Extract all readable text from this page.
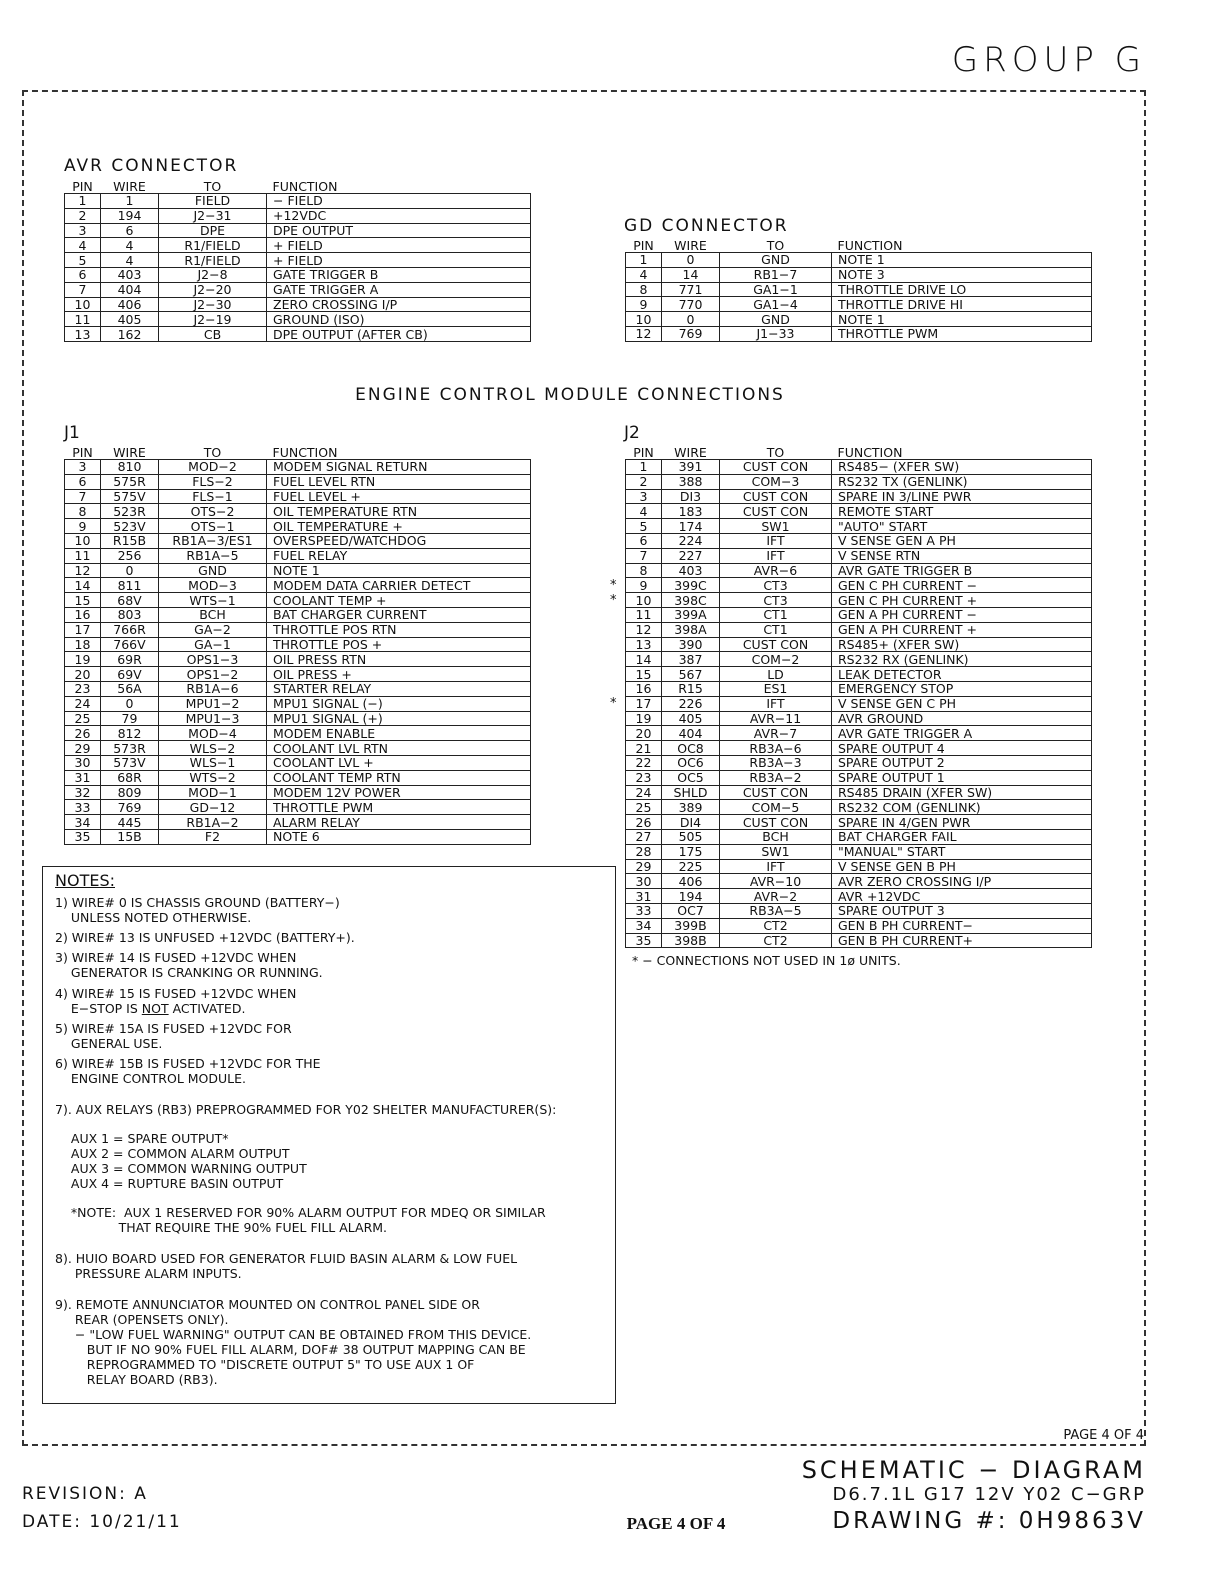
GROUP G
AVR CONNECTOR
PIN	WIRE	TO	FUNCTION
1	1	FIELD	− FIELD
2	194	J2−31	+12VDC
3	6	DPE	DPE OUTPUT
4	4	R1/FIELD	+ FIELD
5	4	R1/FIELD	+ FIELD
6	403	J2−8	GATE TRIGGER B
7	404	J2−20	GATE TRIGGER A
10	406	J2−30	ZERO CROSSING I/P
11	405	J2−19	GROUND (ISO)
13	162	CB	DPE OUTPUT (AFTER CB)
GD CONNECTOR
PIN	WIRE	TO	FUNCTION
1	0	GND	NOTE 1
4	14	RB1−7	NOTE 3
8	771	GA1−1	THROTTLE DRIVE LO
9	770	GA1−4	THROTTLE DRIVE HI
10	0	GND	NOTE 1
12	769	J1−33	THROTTLE PWM
ENGINE CONTROL MODULE CONNECTIONS
J1
PIN	WIRE	TO	FUNCTION
3	810	MOD−2	MODEM SIGNAL RETURN
6	575R	FLS−2	FUEL LEVEL RTN
7	575V	FLS−1	FUEL LEVEL +
8	523R	OTS−2	OIL TEMPERATURE RTN
9	523V	OTS−1	OIL TEMPERATURE +
10	R15B	RB1A−3/ES1	OVERSPEED/WATCHDOG
11	256	RB1A−5	FUEL RELAY
12	0	GND	NOTE 1
14	811	MOD−3	MODEM DATA CARRIER DETECT
15	68V	WTS−1	COOLANT TEMP +
16	803	BCH	BAT CHARGER CURRENT
17	766R	GA−2	THROTTLE POS RTN
18	766V	GA−1	THROTTLE POS +
19	69R	OPS1−3	OIL PRESS RTN
20	69V	OPS1−2	OIL PRESS +
23	56A	RB1A−6	STARTER RELAY
24	0	MPU1−2	MPU1 SIGNAL (−)
25	79	MPU1−3	MPU1 SIGNAL (+)
26	812	MOD−4	MODEM ENABLE
29	573R	WLS−2	COOLANT LVL RTN
30	573V	WLS−1	COOLANT LVL +
31	68R	WTS−2	COOLANT TEMP RTN
32	809	MOD−1	MODEM 12V POWER
33	769	GD−12	THROTTLE PWM
34	445	RB1A−2	ALARM RELAY
35	15B	F2	NOTE 6
J2
PIN	WIRE	TO	FUNCTION
1	391	CUST CON	RS485− (XFER SW)
2	388	COM−3	RS232 TX (GENLINK)
3	DI3	CUST CON	SPARE IN 3/LINE PWR
4	183	CUST CON	REMOTE START
5	174	SW1	"AUTO" START
6	224	IFT	V SENSE GEN A PH
7	227	IFT	V SENSE RTN
8	403	AVR−6	AVR GATE TRIGGER B
9	399C	CT3	GEN C PH CURRENT −
10	398C	CT3	GEN C PH CURRENT +
11	399A	CT1	GEN A PH CURRENT −
12	398A	CT1	GEN A PH CURRENT +
13	390	CUST CON	RS485+ (XFER SW)
14	387	COM−2	RS232 RX (GENLINK)
15	567	LD	LEAK DETECTOR
16	R15	ES1	EMERGENCY STOP
17	226	IFT	V SENSE GEN C PH
19	405	AVR−11	AVR GROUND
20	404	AVR−7	AVR GATE TRIGGER A
21	OC8	RB3A−6	SPARE OUTPUT 4
22	OC6	RB3A−3	SPARE OUTPUT 2
23	OC5	RB3A−2	SPARE OUTPUT 1
24	SHLD	CUST CON	RS485 DRAIN (XFER SW)
25	389	COM−5	RS232 COM (GENLINK)
26	DI4	CUST CON	SPARE IN 4/GEN PWR
27	505	BCH	BAT CHARGER FAIL
28	175	SW1	"MANUAL" START
29	225	IFT	V SENSE GEN B PH
30	406	AVR−10	AVR ZERO CROSSING I/P
31	194	AVR−2	AVR +12VDC
33	OC7	RB3A−5	SPARE OUTPUT 3
34	399B	CT2	GEN B PH CURRENT−
35	398B	CT2	GEN B PH CURRENT+
*
*
*
* − CONNECTIONS NOT USED IN 1ø UNITS.
NOTES:
1) WIRE# 0 IS CHASSIS GROUND (BATTERY−)
UNLESS NOTED OTHERWISE.
2) WIRE# 13 IS UNFUSED +12VDC (BATTERY+).
3) WIRE# 14 IS FUSED +12VDC WHEN
GENERATOR IS CRANKING OR RUNNING.
4) WIRE# 15 IS FUSED +12VDC WHEN
E−STOP IS NOT ACTIVATED.
5) WIRE# 15A IS FUSED +12VDC FOR
GENERAL USE.
6) WIRE# 15B IS FUSED +12VDC FOR THE
ENGINE CONTROL MODULE.
7). AUX RELAYS (RB3) PREPROGRAMMED FOR Y02 SHELTER MANUFACTURER(S):
AUX 1 = SPARE OUTPUT*
AUX 2 = COMMON ALARM OUTPUT
AUX 3 = COMMON WARNING OUTPUT
AUX 4 = RUPTURE BASIN OUTPUT
*NOTE:  AUX 1 RESERVED FOR 90% ALARM OUTPUT FOR MDEQ OR SIMILAR
THAT REQUIRE THE 90% FUEL FILL ALARM.
8). HUIO BOARD USED FOR GENERATOR FLUID BASIN ALARM & LOW FUEL
PRESSURE ALARM INPUTS.
9). REMOTE ANNUNCIATOR MOUNTED ON CONTROL PANEL SIDE OR
REAR (OPENSETS ONLY).
− "LOW FUEL WARNING" OUTPUT CAN BE OBTAINED FROM THIS DEVICE.
BUT IF NO 90% FUEL FILL ALARM, DOF# 38 OUTPUT MAPPING CAN BE
REPROGRAMMED TO "DISCRETE OUTPUT 5" TO USE AUX 1 OF
RELAY BOARD (RB3).
PAGE 4 OF 4
REVISION: A
DATE: 10/21/11	PAGE 4 OF 4
SCHEMATIC − DIAGRAM
D6.7.1L G17 12V Y02 C−GRP
DRAWING #: 0H9863V
